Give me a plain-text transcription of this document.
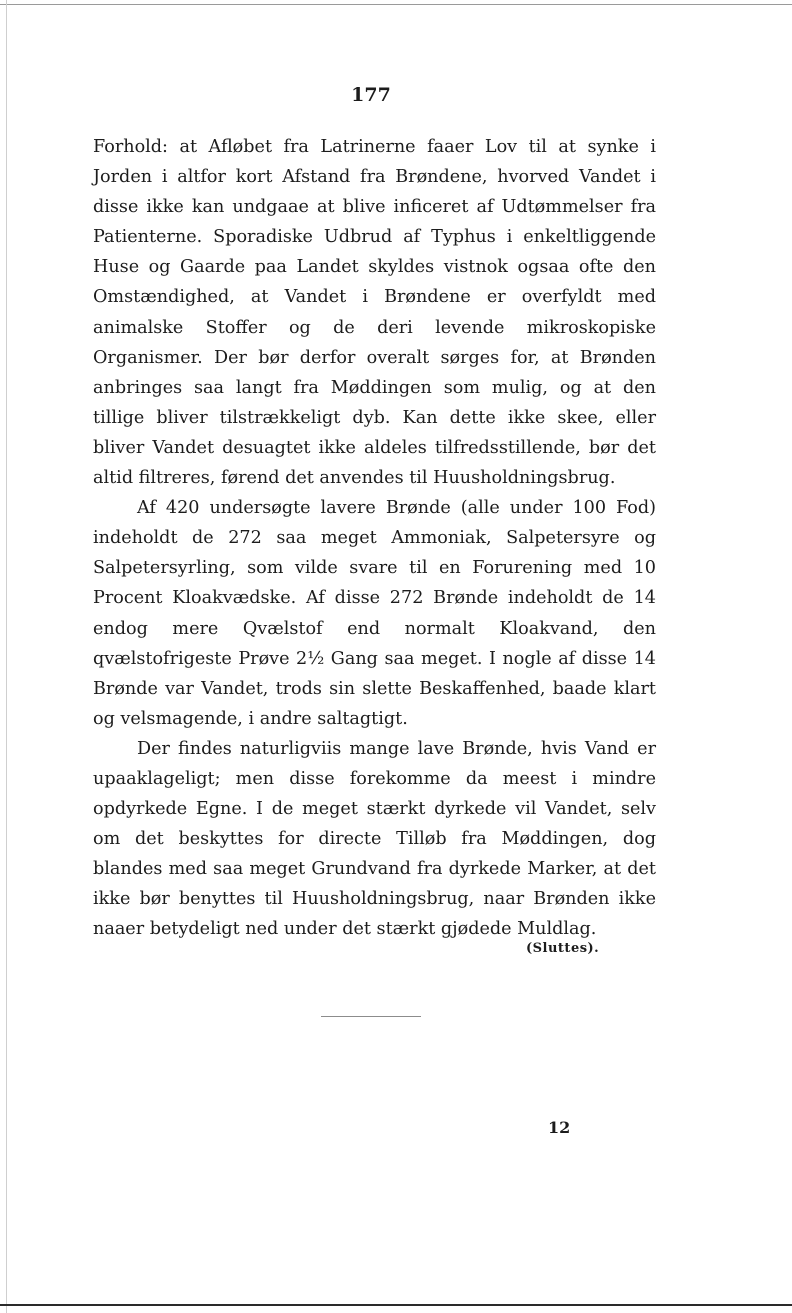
177

Forhold: at Afløbet fra Latrinerne faaer Lov til at synke i Jorden i altfor kort Afstand fra Brøndene, hvorved Vandet i disse ikke kan undgaae at blive inficeret af Udtømmelser fra Patienterne. Sporadiske Udbrud af Typhus i enkeltliggende Huse og Gaarde paa Landet skyldes vistnok ogsaa ofte den Omstændighed, at Vandet i Brøndene er overfyldt med animalske Stoffer og de deri levende mikroskopiske Organismer. Der bør derfor overalt sørges for, at Brønden anbringes saa langt fra Møddingen som mulig, og at den tillige bliver tilstrækkeligt dyb. Kan dette ikke skee, eller bliver Vandet desuagtet ikke aldeles tilfredsstillende, bør det altid filtreres, førend det anvendes til Huusholdningsbrug.

Af 420 undersøgte lavere Brønde (alle under 100 Fod) indeholdt de 272 saa meget Ammoniak, Salpetersyre og Salpetersyrling, som vilde svare til en Forurening med 10 Procent Kloakvædske. Af disse 272 Brønde indeholdt de 14 endog mere Qvælstof end normalt Kloakvand, den qvælstofrigeste Prøve 2½ Gang saa meget. I nogle af disse 14 Brønde var Vandet, trods sin slette Beskaffenhed, baade klart og velsmagende, i andre saltagtigt.

Der findes naturligviis mange lave Brønde, hvis Vand er upaaklageligt; men disse forekomme da meest i mindre opdyrkede Egne. I de meget stærkt dyrkede vil Vandet, selv om det beskyttes for directe Tilløb fra Møddingen, dog blandes med saa meget Grundvand fra dyrkede Marker, at det ikke bør benyttes til Huusholdningsbrug, naar Brønden ikke naaer betydeligt ned under det stærkt gjødede Muldlag.

(Sluttes).
12
